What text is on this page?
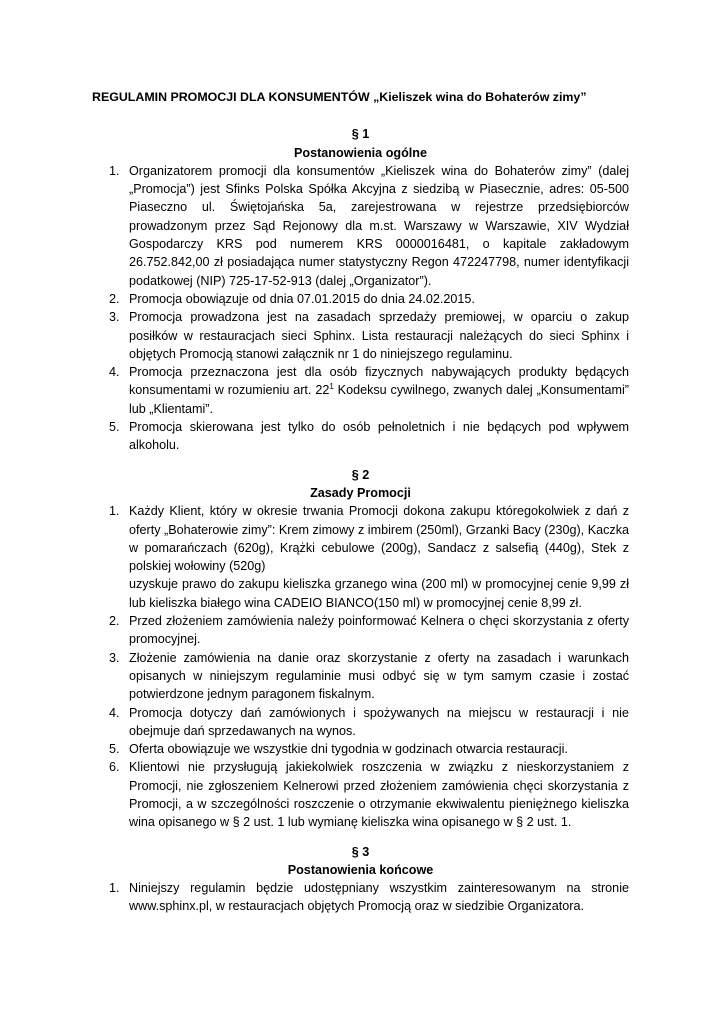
REGULAMIN PROMOCJI DLA KONSUMENTÓW „Kieliszek wina do Bohaterów zimy”

§ 1

Postanowienia ogólne

1. Organizatorem promocji dla konsumentów „Kieliszek wina do Bohaterów zimy” (dalej „Promocja”) jest Sfinks Polska Spółka Akcyjna z siedzibą w Piasecznie, adres: 05-500 Piaseczno ul. Świętojańska 5a, zarejestrowana w rejestrze przedsiębiorców prowadzonym przez Sąd Rejonowy dla m.st. Warszawy w Warszawie, XIV Wydział Gospodarczy KRS pod numerem KRS 0000016481, o kapitale zakładowym 26.752.842,00 zł posiadająca numer statystyczny Regon 472247798, numer identyfikacji podatkowej (NIP) 725-17-52-913 (dalej „Organizator”).
2. Promocja obowiązuje od dnia 07.01.2015 do dnia 24.02.2015.
3. Promocja prowadzona jest na zasadach sprzedaży premiowej, w oparciu o zakup posiłków w restauracjach sieci Sphinx. Lista restauracji należących do sieci Sphinx i objętych Promocją stanowi załącznik nr 1 do niniejszego regulaminu.
4. Promocja przeznaczona jest dla osób fizycznych nabywających produkty będących konsumentami w rozumieniu art. $22^1$ Kodeksu cywilnego, zwanych dalej „Konsumentami” lub „Klientami”.
5. Promocja skierowana jest tylko do osób pełnoletnich i nie będących pod wpływem alkoholu.

§ 2

Zasady Promocji

1. Każdy Klient, który w okresie trwania Promocji dokona zakupu któregokolwiek z dań z oferty „Bohaterowie zimy”: Krem zimowy z imbirem (250ml), Grzanki Bacy (230g), Kaczka w pomarańczach (620g), Krążki cebulowe (200g), Sandacz z salsefią (440g), Stek z polskiej wołowiny (520g)
uzyskuje prawo do zakupu kieliszka grzanego wina (200 ml) w promocyjnej cenie 9,99 zł lub kieliszka białego wina CADEIO BIANCO(150 ml) w promocyjnej cenie 8,99 zł.
2. Przed złożeniem zamówienia należy poinformować Kelnera o chęci skorzystania z oferty promocyjnej.
3. Złożenie zamówienia na danie oraz skorzystanie z oferty na zasadach i warunkach opisanych w niniejszym regulaminie musi odbyć się w tym samym czasie i zostać potwierdzone jednym paragonem fiskalnym.
4. Promocja dotyczy dań zamówionych i spożywanych na miejscu w restauracji i nie obejmuje dań sprzedawanych na wynos.
5. Oferta obowiązuje we wszystkie dni tygodnia w godzinach otwarcia restauracji.
6. Klientowi nie przysługują jakiekolwiek roszczenia w związku z nieskorzystaniem z Promocji, nie zgłoszeniem Kelnerowi przed złożeniem zamówienia chęci skorzystania z Promocji, a w szczególności roszczenie o otrzymanie ekwiwalentu pieniężnego kieliszka wina opisanego w § 2 ust. 1 lub wymianę kieliszka wina opisanego w § 2 ust. 1.

§ 3

Postanowienia końcowe

1. Niniejszy regulamin będzie udostępniany wszystkim zainteresowanym na stronie www.sphinx.pl, w restauracjach objętych Promocją oraz w siedzibie Organizatora.
